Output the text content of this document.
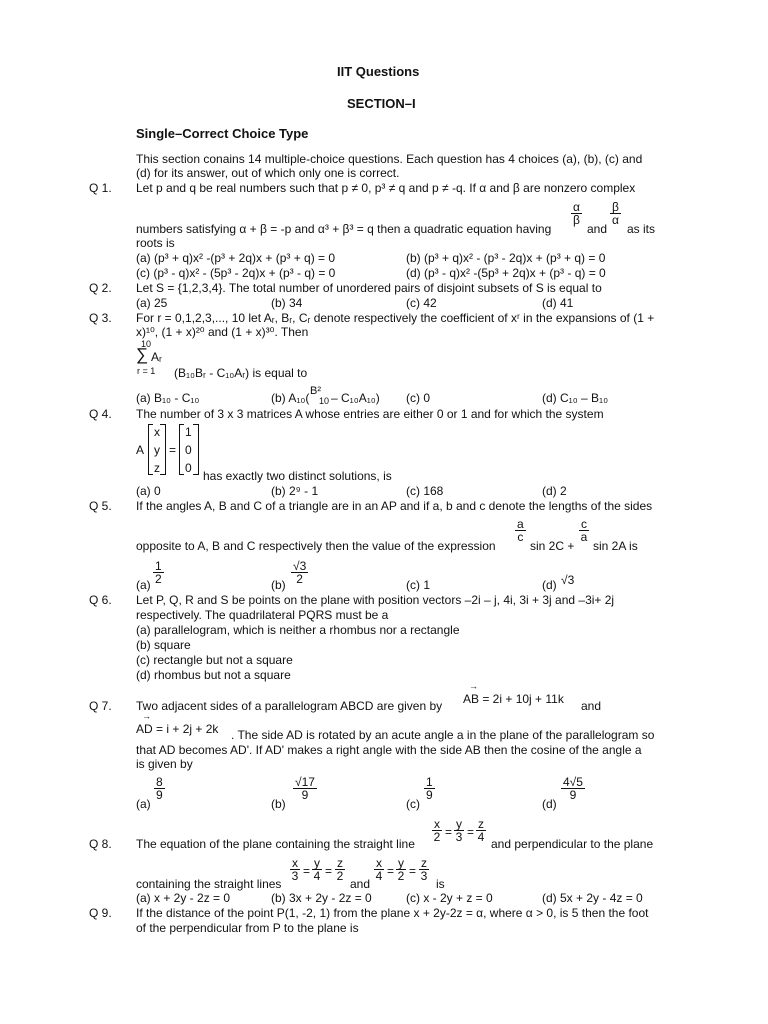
IIT Questions
SECTION–I
Single–Correct Choice Type
This section conains 14 multiple-choice questions. Each question has 4 choices (a), (b), (c) and
(d) for its answer, out of which only one is correct.
Q 1. Let p and q be real numbers such that p ≠ 0, p³ ≠ q and p ≠ -q. If α and β are nonzero complex
$\frac{\alpha}{\beta} \frac{\beta}{\alpha}$
numbers satisfying α + β = -p and α³ + β³ = q then a quadratic equation having	and as its
roots is
(a) (p³ + q)x² -(p³ + 2q)x + (p³ + q) = 0	(b) (p³ + q)x² - (p³ - 2q)x + (p³ + q) = 0
(c) (p³ - q)x² - (5p³ - 2q)x + (p³ - q) = 0	(d) (p³ - q)x² -(5p³ + 2q)x + (p³ - q) = 0
Q 2. Let S = {1,2,3,4}. The total number of unordered pairs of disjoint subsets of S is equal to
(a) 25	(b) 34	(c) 42	(d) 41
Q 3. For r = 0,1,2,3,..., 10 let Aᵣ, Bᵣ, Cᵣ denote respectively the coefficient of xʳ in the expansions of (1 +
x)¹⁰, (1 + x)²⁰ and (1 + x)³⁰. Then
10
∑ Aᵣ
r = 1 (B₁₀Bᵣ - C₁₀Aᵣ) is equal to
(a) B₁₀ - C₁₀	(b) A₁₀( B²
10 – C₁₀A₁₀) (c) 0	(d) C₁₀ – B₁₀
Q 4. The number of 3 x 3 matrices A whose entries are either 0 or 1 and for which the system
A
x
y
z
=
1
0
0
has exactly two distinct solutions, is
(a) 0	(b) 2⁹ - 1	(c) 168	(d) 2
Q 5. If the angles A, B and C of a triangle are in an AP and if a, b and c denote the lengths of the sides
$\frac{a}{c}$	$\frac{c}{a}$
opposite to A, B and C respectively then the value of the expression	sin 2C + sin 2A is
$(a) \frac{1}{2}$	$(b) \frac{√3}{2}$	(c) 1	(d) √3
Q 6. Let P, Q, R and S be points on the plane with position vectors –2i – j, 4i, 3i + 3j and –3i+ 2j
respectively. The quadrilateral PQRS must be a
(a) parallelogram, which is neither a rhombus nor a rectangle
(b) square
(c) rectangle but not a square
(d) rhombus but not a square
Q 7. Two adjacent sides of a parallelogram ABCD are given by
→
AB = 2i + 10j + 11k and
→
AD = i + 2j + 2k . The side AD is rotated by an acute angle a in the plane of the parallelogram so
that AD becomes AD'. If AD' makes a right angle with the side AB then the cosine of the angle a
is given by
(a)
$\frac{8}{9}$
(b)
$\frac{√17}{9}$
(c)
$\frac{1}{9}$
(d)
$\frac{4√5}{9}$
Q 8. The equation of the plane containing the straight line
$\frac{x}{2} = \frac{y}{3} = \frac{z}{4}$
and perpendicular to the plane
containing the straight lines
$\frac{x}{3} = \frac{y}{4} = \frac{z}{2}$
and
$\frac{x}{4} = \frac{y}{2} = \frac{z}{3}$
is
(a) x + 2y - 2z = 0	(b) 3x + 2y - 2z = 0	(c) x - 2y + z = 0	(d) 5x + 2y - 4z = 0
Q 9. If the distance of the point P(1, -2, 1) from the plane x + 2y-2z = α, where α > 0, is 5 then the foot
of the perpendicular from P to the plane is
